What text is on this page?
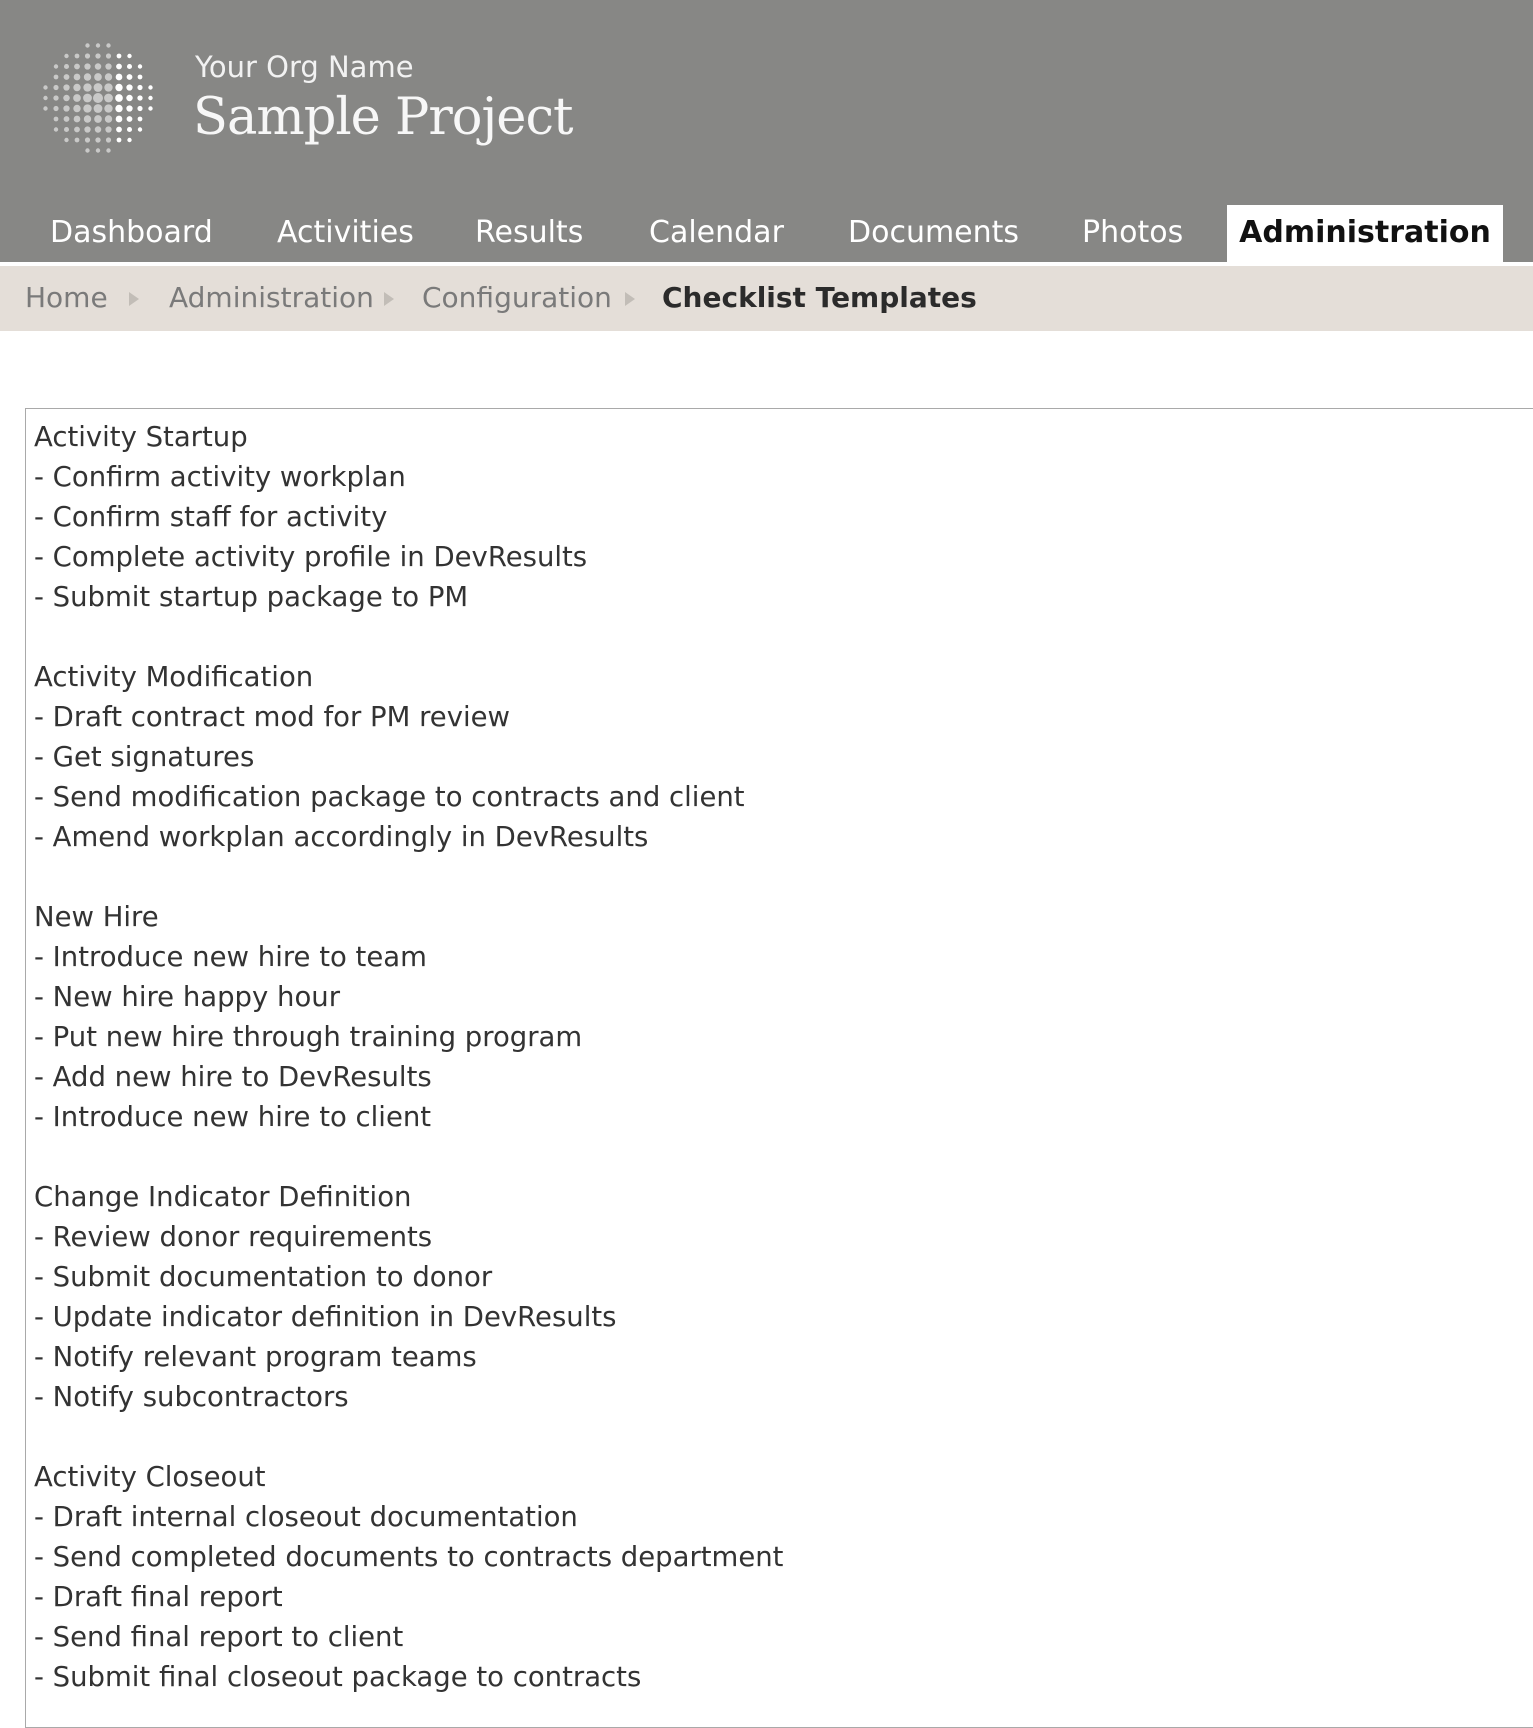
Your Org Name
Sample Project
Dashboard Activities Results Calendar Documents Photos	Administration
Home Administration Configuration Checklist Templates
Activity Startup
- Confirm activity workplan
- Confirm staff for activity
- Complete activity profile in DevResults
- Submit startup package to PM
Activity Modification
- Draft contract mod for PM review
- Get signatures
- Send modification package to contracts and client
- Amend workplan accordingly in DevResults
New Hire
- Introduce new hire to team
- New hire happy hour
- Put new hire through training program
- Add new hire to DevResults
- Introduce new hire to client
Change Indicator Definition
- Review donor requirements
- Submit documentation to donor
- Update indicator definition in DevResults
- Notify relevant program teams
- Notify subcontractors
Activity Closeout
- Draft internal closeout documentation
- Send completed documents to contracts department
- Draft final report
- Send final report to client
- Submit final closeout package to contracts
